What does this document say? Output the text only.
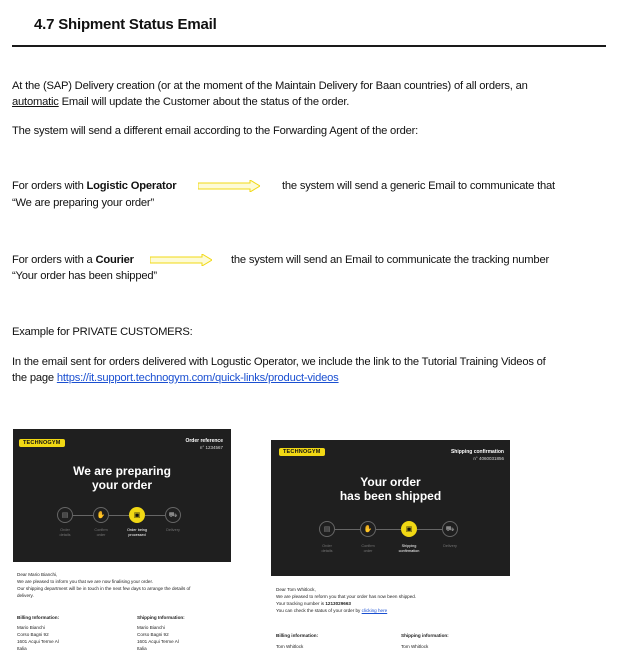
4.7 Shipment Status Email
At the (SAP) Delivery creation (or at the moment of the Maintain Delivery for Baan countries) of all orders, an
automatic Email will update the Customer about the status of the order.
The system will send a different email according to the Forwarding Agent of the order:
For orders with Logistic Operator	the system will send a generic Email to communicate that
“We are preparing your order”
For orders with a Courier	the system will send an Email to communicate the tracking number
“Your order has been shipped”
Example for PRIVATE CUSTOMERS:
In the email sent for orders delivered with Logustic Operator, we include the link to the Tutorial Training Videos of
the page https://it.support.technogym.com/quick-links/product-videos
TECHNOGYM	Order reference
n° 1234567
We are preparing
your order
▤	✋	▣	⛟
Order
details
Confirm
order
Order being
processed
Delivery
Dear Mario Bianchi,
We are pleased to inform you that we are now finalising your order.
Our shipping department will be in touch in the next few days to arrange the details of
delivery.
Billing Information:
Mario Bianchi
Corso Bagni 92
1601 Acqui Terme Al
Italia
Shipping Information:
Mario Bianchi
Corso Bagni 92
1601 Acqui Terme Al
Italia
TECHNOGYM	Shipping confirmation
n° 4060031856
Your order
has been shipped
▤	✋	▣	⛟
Order
details
Confirm
order
Shipping
confirmation
Delivery
Dear Tom Whitlock,
We are pleased to reform you that your order has now been shipped.
Your tracking number is 1213029663
You can check the status of your order by clicking here
Billing information:
Tom Whitlock
Shipping information:
Tom Whitlock
